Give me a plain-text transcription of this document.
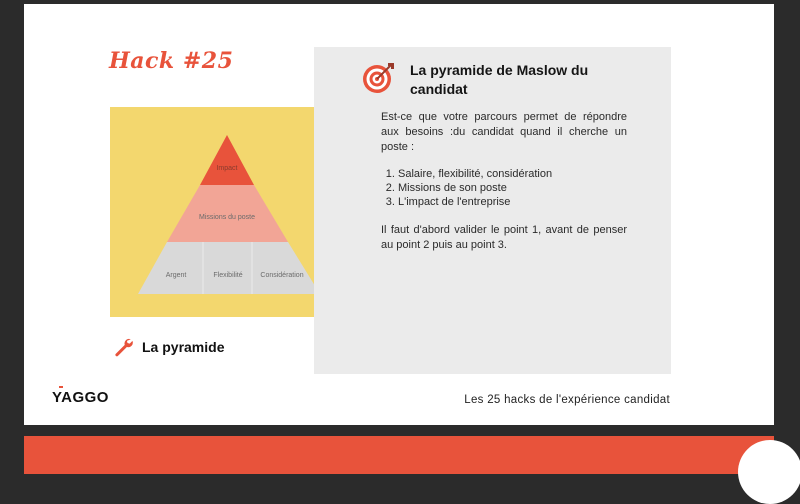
Hack #25
Impact
Missions du poste
Argent	Flexibilité	Considération
La pyramide
La pyramide de Maslow du candidat

Est-ce que votre parcours permet de répondre aux besoins :du candidat quand il cherche un poste :

1. Salaire, flexibilité, considération
2. Missions de son poste
3. L'impact de l'entreprise

Il faut d'abord valider le point 1, avant de penser au point 2 puis au point 3.

YAGGO	Les 25 hacks de l'expérience candidat
